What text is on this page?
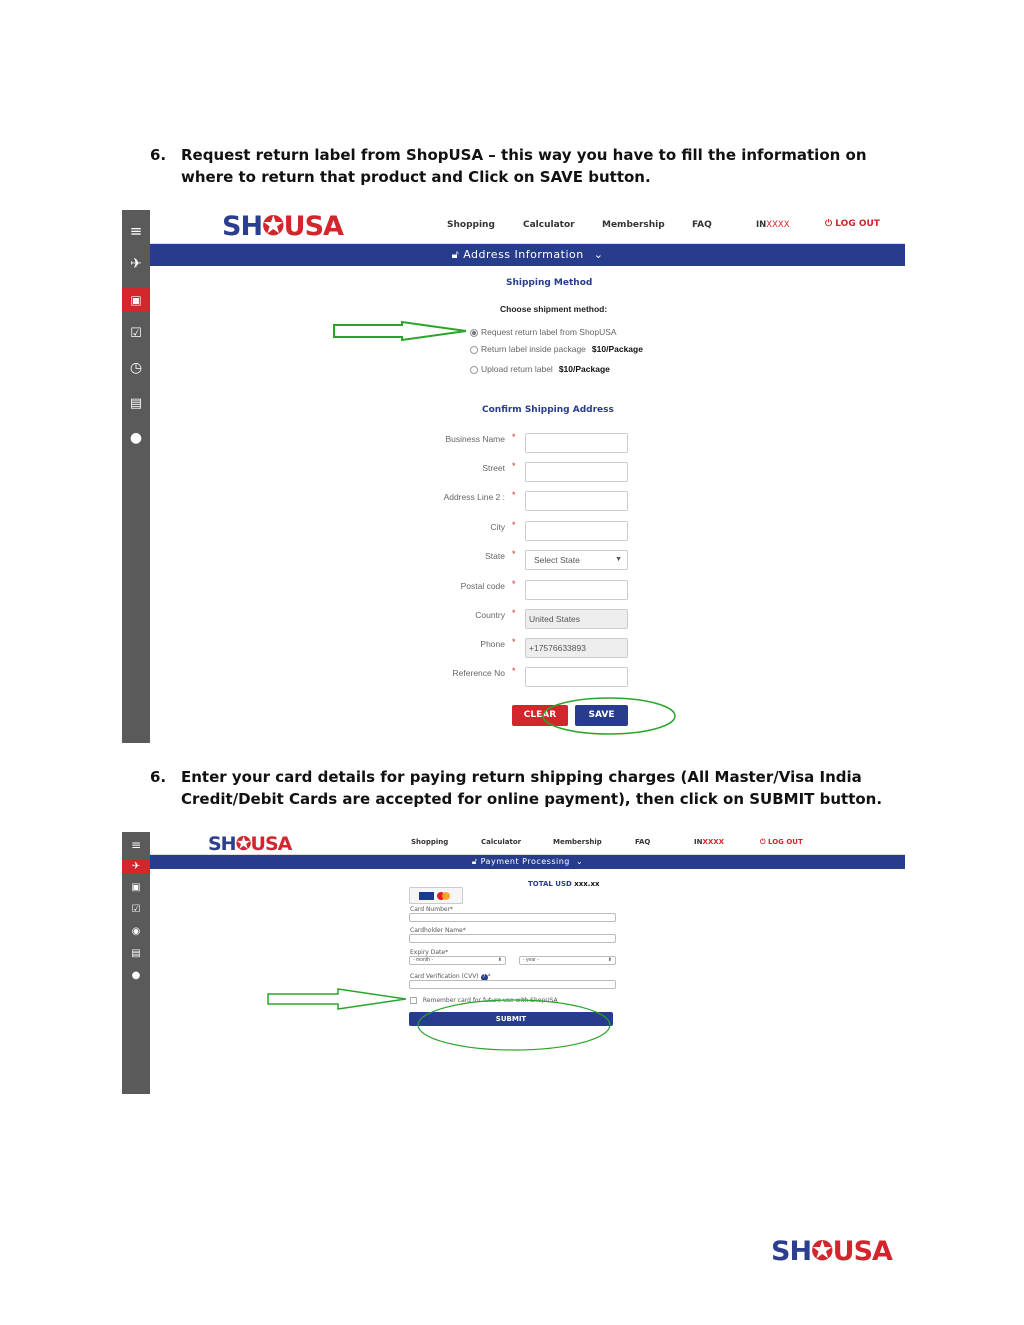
6. Request return label from ShopUSA – this way you have to fill the information on where to return that product and Click on SAVE button.
≡
✈
▣
☑
◷
▤
●
SH✪USA	Shopping	Calculator	Membership	FAQ	INXXXX	⏻ LOG OUT
🔓︎ Address Information ⌄
Shipping Method
Choose shipment method:
Request return label from ShopUSA
Return label inside package $10/Package
Upload return label $10/Package
Confirm Shipping Address
Business Name *
Street *
Address Line 2 : *
City *
State *
Select State	▼
Postal code *
Country *
United States
Phone *
+17576633893
Reference No *
CLEAR	SAVE
6. Enter your card details for paying return shipping charges (All Master/Visa India Credit/Debit Cards are accepted for online payment), then click on SUBMIT button.
≡
✈
▣
☑
◉
▤
●
SH✪USA	Shopping	Calculator	Membership	FAQ	INXXXX	⏻ LOG OUT
🔓︎ Payment Processing ⌄
TOTAL USD xxx.xx
Card Number*
Cardholder Name*
Expiry Date*
- month -	⬍	- year -	⬍
Card Verification (CVV) ? *
Remember card for future use with ShopUSA
SUBMIT
SH✪USA
